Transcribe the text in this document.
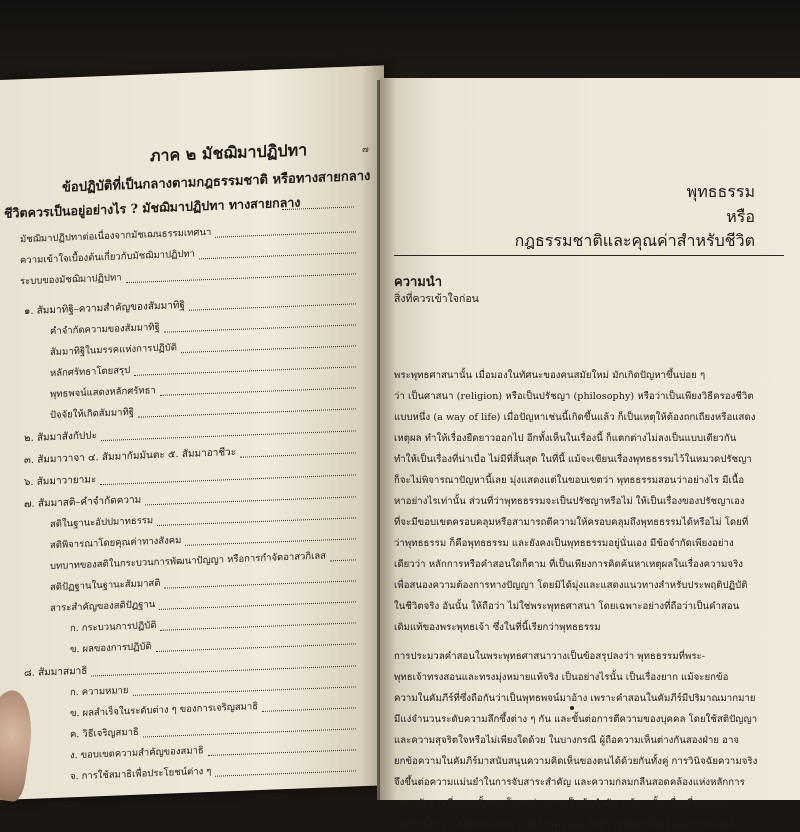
ภาค ๒ มัชฌิมาปฏิปทา	๗
ข้อปฏิบัติที่เป็นกลางตามกฎธรรมชาติ หรือทางสายกลาง
ชีวิตควรเป็นอยู่อย่างไร ? มัชฌิมาปฏิปทา ทางสายกลาง
มัชฌิมาปฏิปทาต่อเนื่องจากมัชเฌนธรรมเทศนา
ความเข้าใจเบื้องต้นเกี่ยวกับมัชฌิมาปฏิปทา
ระบบของมัชฌิมาปฏิปทา
๑. สัมมาทิฐิ–ความสำคัญของสัมมาทิฐิ
คำจำกัดความของสัมมาทิฐิ
สัมมาทิฐิในมรรคแห่งการปฏิบัติ
หลักศรัทธาโดยสรุป
พุทธพจน์แสดงหลักศรัทธา
ปัจจัยให้เกิดสัมมาทิฐิ
๒. สัมมาสังกัปปะ
๓. สัมมาวาจา ๔. สัมมากัมมันตะ ๕. สัมมาอาชีวะ
๖. สัมมาวายามะ
๗. สัมมาสติ–คำจำกัดความ
สติในฐานะอัปปมาทธรรม
สติพิจารณาโดยคุณค่าทางสังคม
บทบาทของสติในกระบวนการพัฒนาปัญญา หรือการกำจัดอาสวกิเลส
สติปัฏฐานในฐานะสัมมาสติ
สาระสำคัญของสติปัฏฐาน
ก. กระบวนการปฏิบัติ
ข. ผลของการปฏิบัติ
๘. สัมมาสมาธิ
ก. ความหมาย
ข. ผลสำเร็จในระดับต่าง ๆ ของการเจริญสมาธิ
ค. วิธีเจริญสมาธิ
ง. ขอบเขตความสำคัญของสมาธิ
จ. การใช้สมาธิเพื่อประโยชน์ต่าง ๆ
พุทธธรรม
หรือ
กฎธรรมชาติและคุณค่าสำหรับชีวิต
ความนำ
สิ่งที่ควรเข้าใจก่อน
พระพุทธศาสนานั้น เมื่อมองในทัศนะของคนสมัยใหม่ มักเกิดปัญหาขึ้นบ่อย ๆ
ว่า เป็นศาสนา (religion) หรือเป็นปรัชญา (philosophy) หรือว่าเป็นเพียงวิธีครองชีวิต
แบบหนึ่ง (a way of life) เมื่อปัญหาเช่นนี้เกิดขึ้นแล้ว ก็เป็นเหตุให้ต้องถกเถียงหรือแสดง
เหตุผล ทำให้เรื่องยืดยาวออกไป อีกทั้งเห็นในเรื่องนี้ ก็แตกต่างไม่ลงเป็นแบบเดียวกัน
ทำให้เป็นเรื่องที่น่าเบื่อ ไม่มีที่สิ้นสุด ในที่นี้ แม้จะเขียนเรื่องพุทธธรรมไว้ในหมวดปรัชญา
ก็จะไม่พิจารณาปัญหานี้เลย มุ่งแสดงแต่ในขอบเขตว่า พุทธธรรมสอนว่าอย่างไร มีเนื้อ
หาอย่างไรเท่านั้น ส่วนที่ว่าพุทธธรรมจะเป็นปรัชญาหรือไม่ ให้เป็นเรื่องของปรัชญาเอง
ที่จะมีขอบเขตครอบคลุมหรือสามารถตีความให้ครอบคลุมถึงพุทธธรรมได้หรือไม่ โดยที่
ว่าพุทธธรรม ก็คือพุทธธรรม และยังคงเป็นพุทธธรรมอยู่นั่นเอง มีข้อจำกัดเพียงอย่าง
เดียวว่า หลักการหรือคำสอนใดก็ตาม ที่เป็นเพียงการคิดค้นหาเหตุผลในเรื่องความจริง
เพื่อสนองความต้องการทางปัญญา โดยมิได้มุ่งและแสดงแนวทางสำหรับประพฤติปฏิบัติ
ในชีวิตจริง อันนั้น ให้ถือว่า ไม่ใช่พระพุทธศาสนา โดยเฉพาะอย่างที่ถือว่าเป็นคำสอน
เดิมแท้ของพระพุทธเจ้า ซึ่งในที่นี้เรียกว่าพุทธธรรม
การประมวลคำสอนในพระพุทธศาสนาวางเป็นข้อสรุปลงว่า พุทธธรรมที่พระ-
พุทธเจ้าทรงสอนและทรงมุ่งหมายแท้จริง เป็นอย่างไรนั้น เป็นเรื่องยาก แม้จะยกข้อ
ความในคัมภีร์ที่ซึ่งถือกันว่าเป็นพุทธพจน์มาอ้าง เพราะคำสอนในคัมภีร์มีปริมาณมากมาย
มีแง่จำนวนระดับความลึกซึ้งต่าง ๆ กัน และขั้นต่อการตีความของบุคคล โดยใช้สติปัญญา
และความสุจริตใจหรือไม่เพียงใดด้วย ในบางกรณี ผู้ถือความเห็นต่างกันสองฝ่าย อาจ
ยกข้อความในคัมภีร์มาสนับสนุนความคิดเห็นของตนได้ด้วยกันทั้งคู่ การวินิจฉัยความจริง
จึงขึ้นต่อความแม่นยำในการจับสาระสำคัญ และความกลมกลืนสอดคล้องแห่งหลักการ
และหลักฐานที่แสดงทั้งหมดโดยหน่วยรวมเป็นข้อสำคัญ แม้กระนั้น เรื่องที่แสดงและ
หลักฐานต่าง ๆ ก็มักไม่กว้างขวางครอบคลุมพอ จึงหนีไม่พ้นจากอิทธิพลความเห็นและ
